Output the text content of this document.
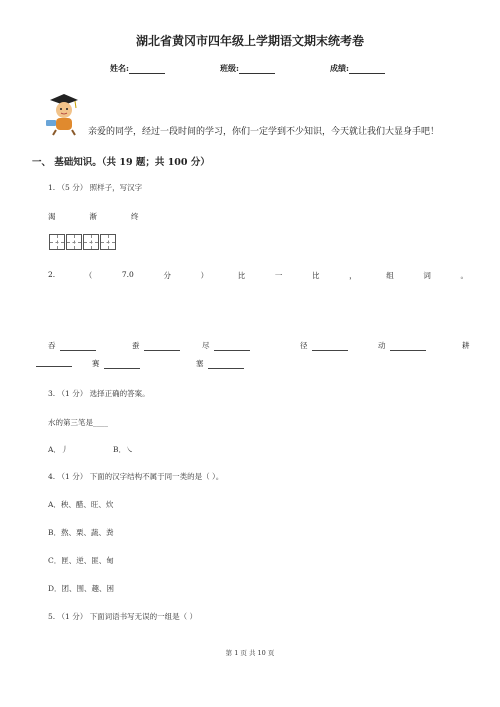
湖北省黄冈市四年级上学期语文期末统考卷
姓名:	班级:	成绩:
亲爱的同学，经过一段时间的学习，你们一定学到不少知识，今天就让我们大显身手吧！
一、 基础知识。（共 19 题；共 100 分）
1. （5 分） 照样子，写汉字
渴	渐	终
2.	（	7.0	分	）	比	一	比	，	组	词	。
吞	蚕	尽	径	动	耕
赛	塞
3. （1 分） 选择正确的答案。
水的第三笔是____
A．丿	B．㇏
4. （1 分） 下面的汉字结构不属于同一类的是（ ）。
A．秧、醋、旺、炊
B．熬、栗、蔬、粪
C．匣、逆、匪、甸
D．团、围、趣、困
5. （1 分） 下面词语书写无误的一组是（ ）
第 1 页 共 10 页
